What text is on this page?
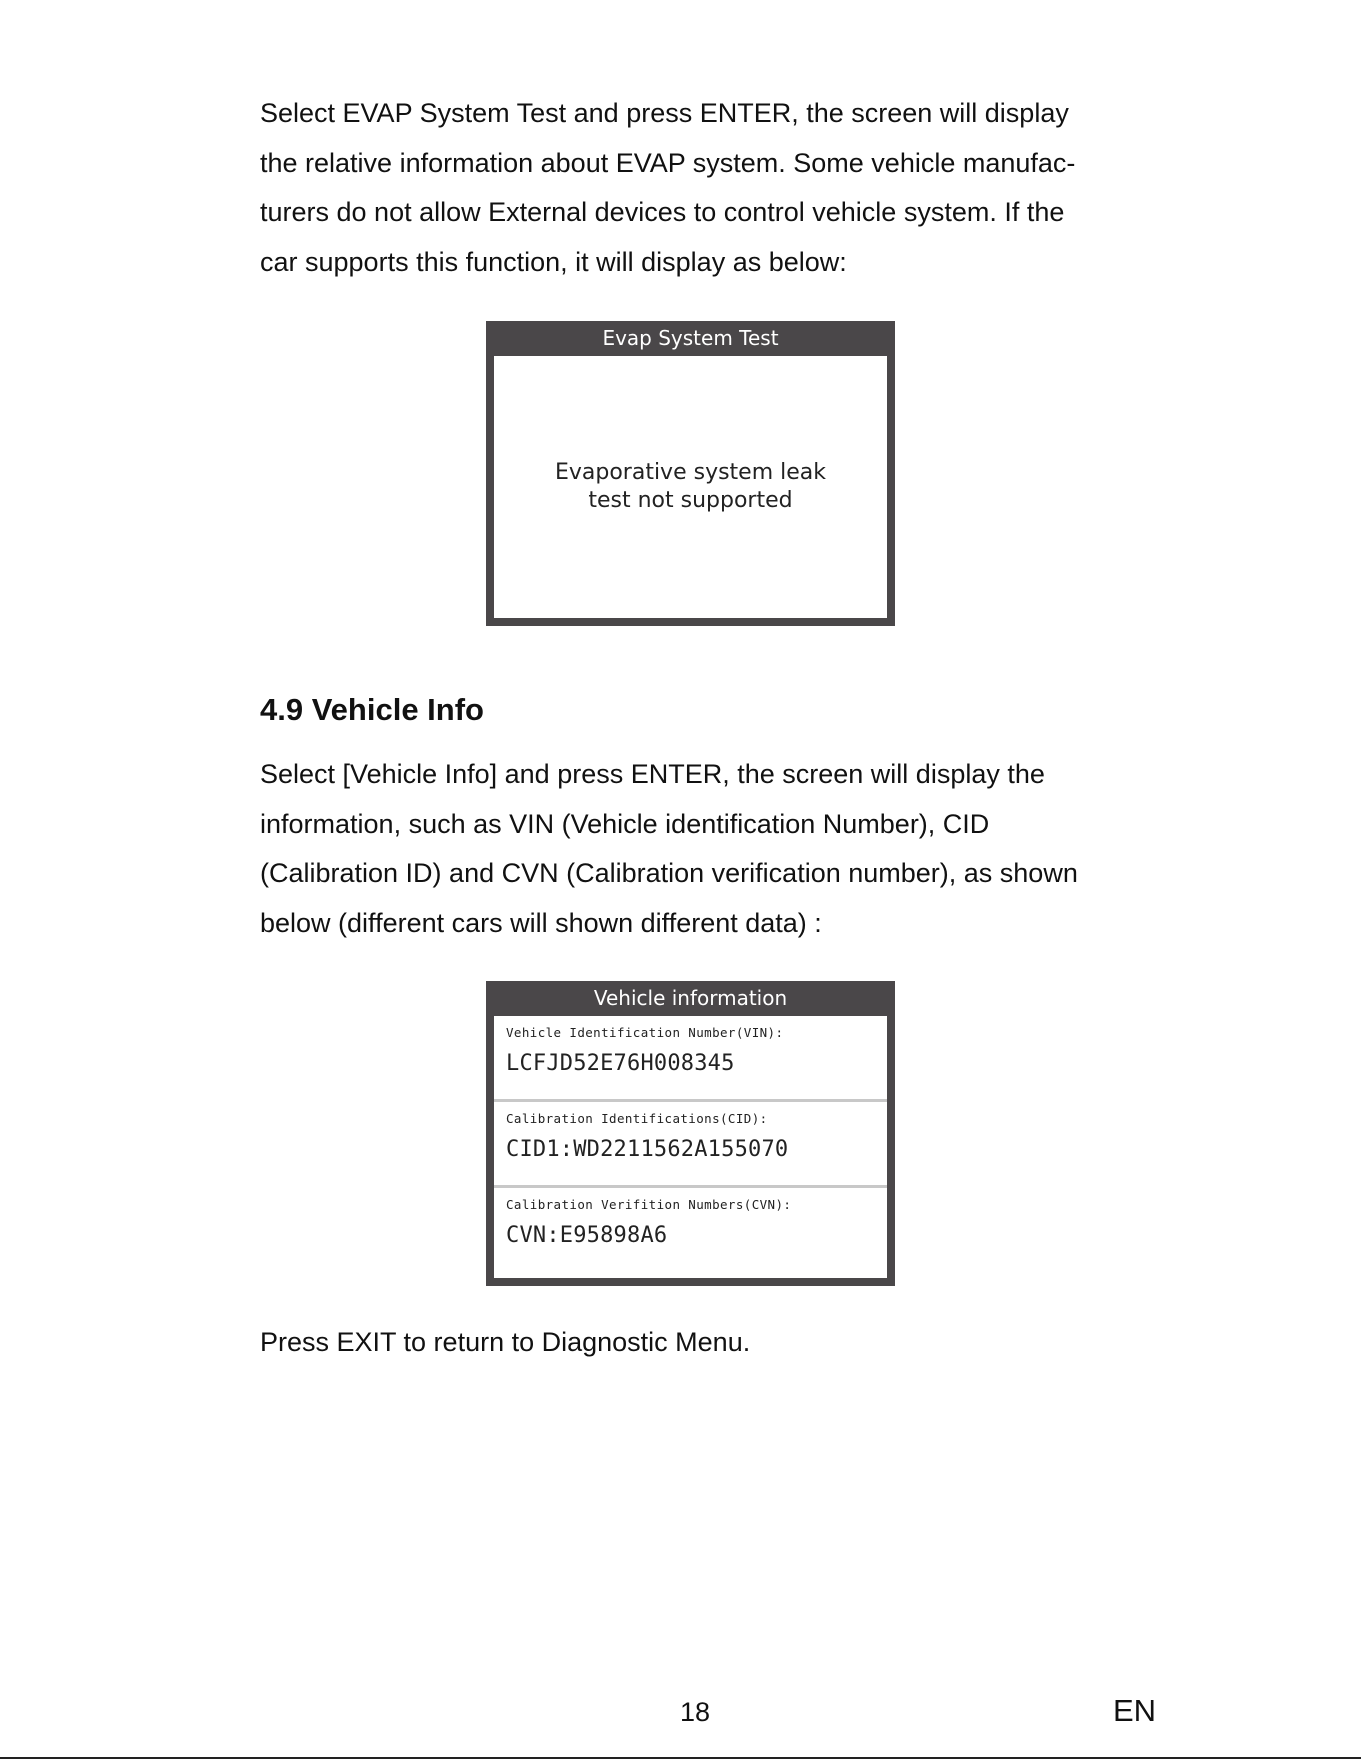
Select EVAP System Test and press ENTER, the screen will display
the relative information about EVAP system. Some vehicle manufac-
turers do not allow External devices to control vehicle system. If the
car supports this function, it will display as below:
Evap System Test
Evaporative system leak
test not supported
4.9 Vehicle Info
Select [Vehicle Info] and press ENTER, the screen will display the
information, such as VIN (Vehicle identification Number), CID
(Calibration ID) and CVN (Calibration verification number), as shown
below (different cars will shown different data) :
Vehicle information
Vehicle Identification Number(VIN):
LCFJD52E76H008345
Calibration Identifications(CID):
CID1:WD2211562A155070
Calibration Verifition Numbers(CVN):
CVN:E95898A6

Press EXIT to return to Diagnostic Menu.

18	EN
